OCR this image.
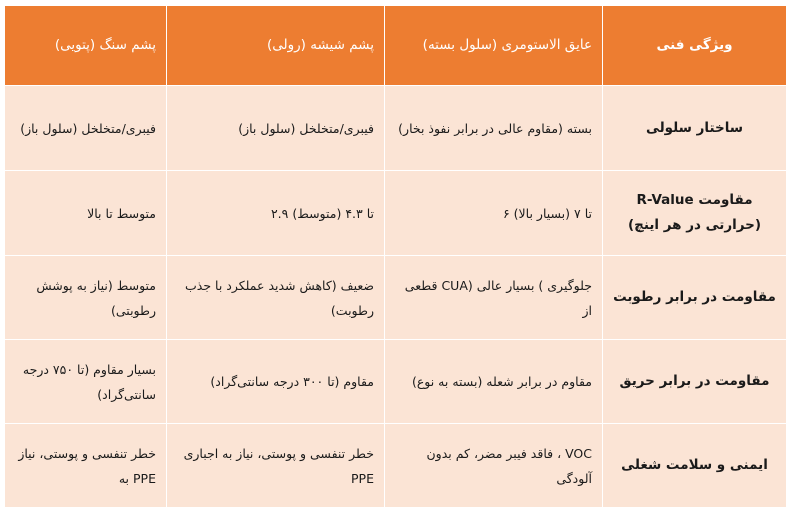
ویژگی فنی	عایق الاستومری (سلول بسته)	پشم شیشه (رولی)	پشم سنگ (پتویی)
ساختار سلولی	بسته (مقاوم عالی در برابر نفوذ بخار)	فیبری/متخلخل (سلول باز)	فیبری/متخلخل (سلول باز)
مقاومت R-Value (حرارتی در هر اینچ)	تا ۷ (بسیار بالا) ۶	تا ۴.۳ (متوسط) ۲.۹	متوسط تا بالا
مقاومت در برابر رطوبت	جلوگیری ) بسیار عالی (CUA قطعی از	ضعیف (کاهش شدید عملکرد با جذب رطوبت)	متوسط (نیاز به پوشش رطوبتی)
مقاومت در برابر حریق	مقاوم در برابر شعله (بسته به نوع)	مقاوم (تا ۳۰۰ درجه سانتی‌گراد)	بسیار مقاوم (تا ۷۵۰ درجه سانتی‌گراد)
ایمنی و سلامت شغلی	VOC ، فاقد فیبر مضر، کم بدون آلودگی	خطر تنفسی و پوستی، نیاز به اجباری PPE	خطر تنفسی و پوستی، نیاز PPE به
